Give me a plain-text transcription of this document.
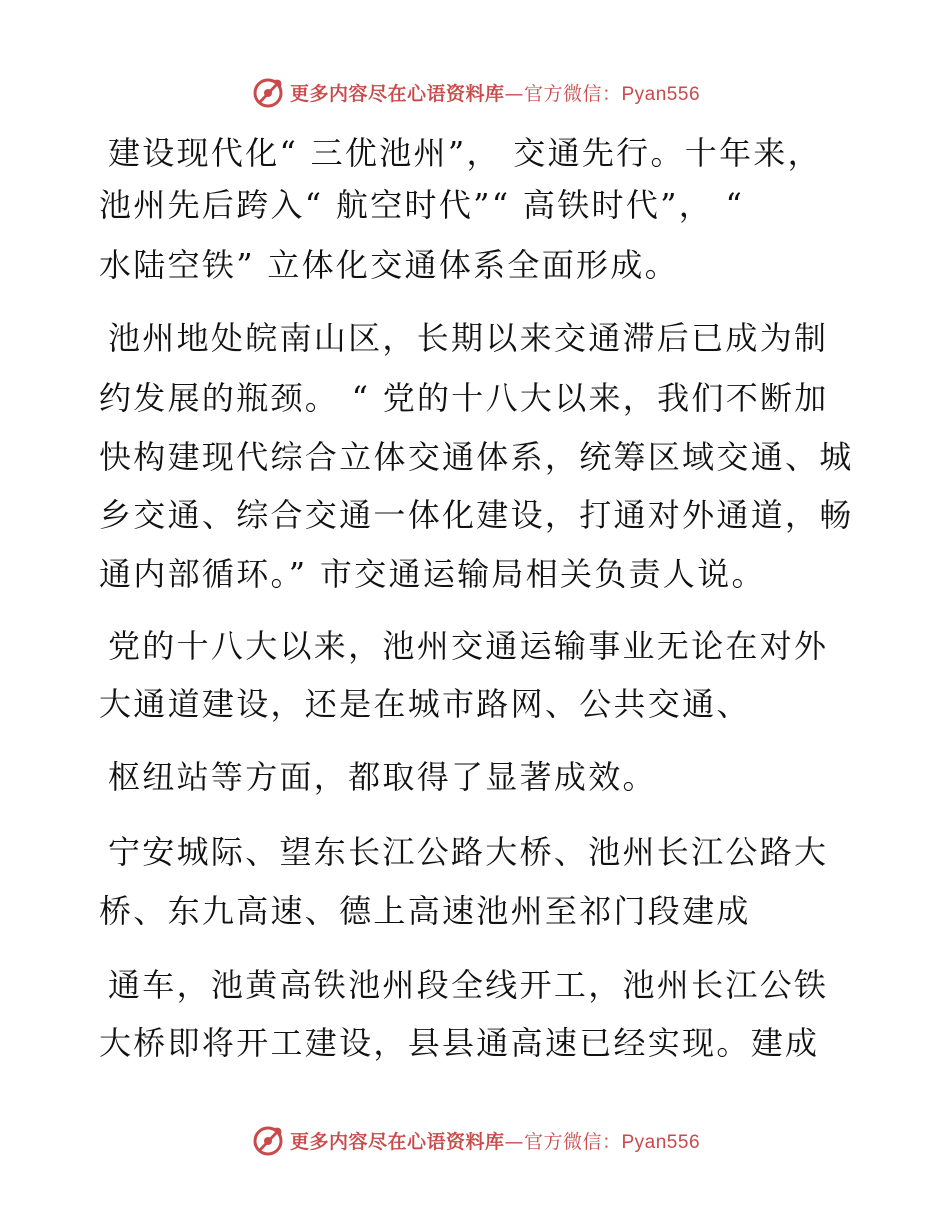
更多内容尽在心语资料库—官方微信：Pyan556
建设现代化“ 三优池州”， 交通先行。十年来，
池州先后跨入“ 航空时代”“ 高铁时代”， “
水陆空铁” 立体化交通体系全面形成。
池州地处皖南山区，长期以来交通滞后已成为制
约发展的瓶颈。 “ 党的十八大以来，我们不断加
快构建现代综合立体交通体系，统筹区域交通、城
乡交通、综合交通一体化建设，打通对外通道，畅
通内部循环。” 市交通运输局相关负责人说。
党的十八大以来，池州交通运输事业无论在对外
大通道建设，还是在城市路网、公共交通、
枢纽站等方面，都取得了显著成效。
宁安城际、望东长江公路大桥、池州长江公路大
桥、东九高速、德上高速池州至祁门段建成
通车，池黄高铁池州段全线开工，池州长江公铁
大桥即将开工建设，县县通高速已经实现。建成
更多内容尽在心语资料库—官方微信：Pyan556
